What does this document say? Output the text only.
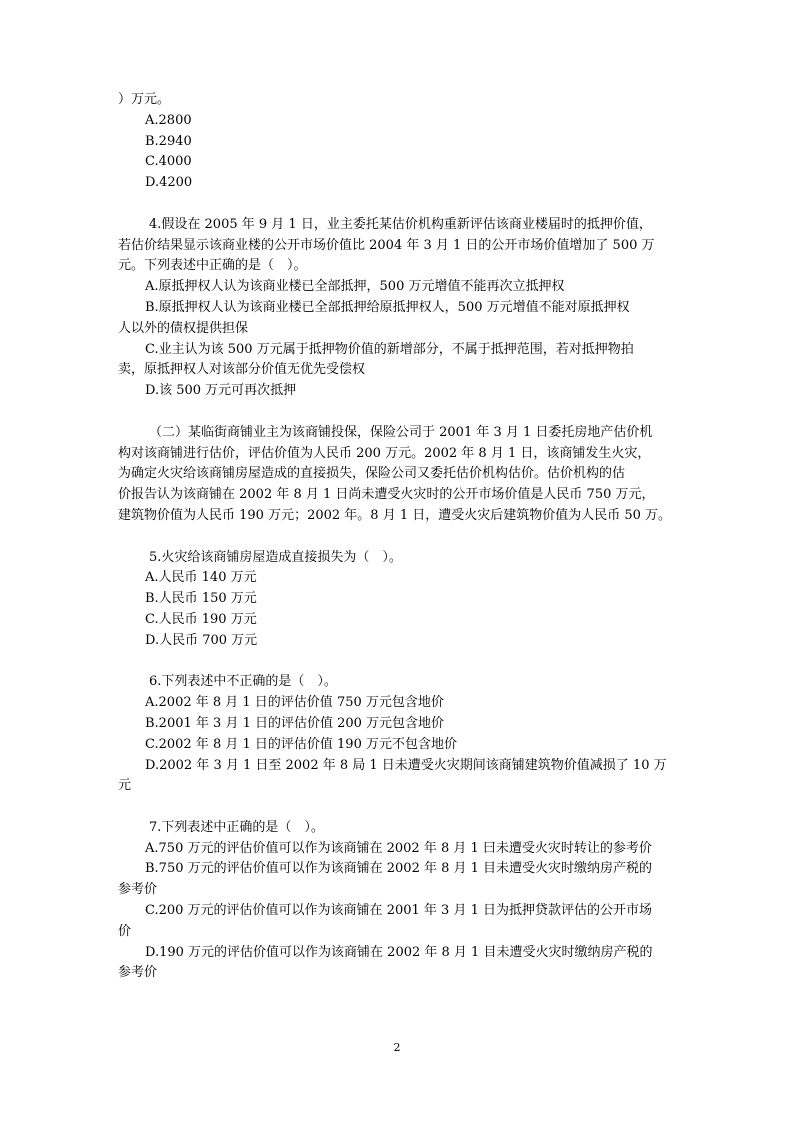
）万元。
A.2800
B.2940
C.4000
D.4200
4.假设在 2005 年 9 月 1 日，业主委托某估价机构重新评估该商业楼届时的抵押价值，
若估价结果显示该商业楼的公开市场价值比 2004 年 3 月 1 日的公开市场价值增加了 500 万
元。下列表述中正确的是（　）。
A.原抵押权人认为该商业楼已全部抵押，500 万元增值不能再次立抵押权
B.原抵押权人认为该商业楼已全部抵押给原抵押权人，500 万元增值不能对原抵押权
人以外的债权提供担保
C.业主认为该 500 万元属于抵押物价值的新增部分，不属于抵押范围，若对抵押物拍
卖，原抵押权人对该部分价值无优先受偿权
D.该 500 万元可再次抵押
（二）某临街商铺业主为该商铺投保，保险公司于 2001 年 3 月 1 日委托房地产估价机
构对该商铺进行估价，评估价值为人民币 200 万元。2002 年 8 月 1 日，该商铺发生火灾，
为确定火灾给该商铺房屋造成的直接损失，保险公司又委托估价机构估价。估价机构的估
价报告认为该商铺在 2002 年 8 月 1 日尚未遭受火灾时的公开市场价值是人民币 750 万元，
建筑物价值为人民币 190 万元；2002 年。8 月 1 日，遭受火灾后建筑物价值为人民币 50 万。
5.火灾给该商铺房屋造成直接损失为（　）。
A.人民币 140 万元
B.人民币 150 万元
C.人民币 190 万元
D.人民币 700 万元
6.下列表述中不正确的是（　）。
A.2002 年 8 月 1 日的评估价值 750 万元包含地价
B.2001 年 3 月 1 日的评估价值 200 万元包含地价
C.2002 年 8 月 1 日的评估价值 190 万元不包含地价
D.2002 年 3 月 1 日至 2002 年 8 局 1 日未遭受火灾期间该商铺建筑物价值减损了 10 万
元
7.下列表述中正确的是（　）。
A.750 万元的评估价值可以作为该商铺在 2002 年 8 月 1 曰未遭受火灾时转让的参考价
B.750 万元的评估价值可以作为该商铺在 2002 年 8 月 1 目未遭受火灾时缴纳房产税的
参考价
C.200 万元的评估价值可以作为该商铺在 2001 年 3 月 1 日为抵押贷款评估的公开市场
价
D.190 万元的评估价值可以作为该商铺在 2002 年 8 月 1 目未遭受火灾时缴纳房产税的
参考价
2
